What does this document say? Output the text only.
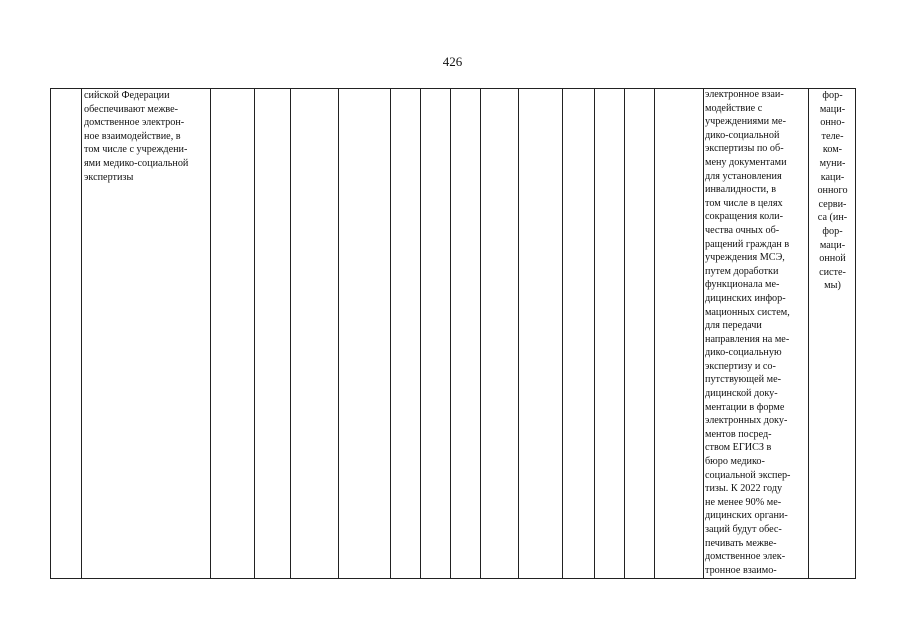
426
сийской Федерации
обеспечивают межве-
домственное электрон-
ное взаимодействие, в
том числе с учреждени-
ями медико-социальной
экспертизы
фор-
маци-
онно-
теле-
ком-
муни-
каци-
онного
серви-
са (ин-
фор-
маци-
онной
систе-
мы)
электронное взаи-
модействие с
учреждениями ме-
дико-социальной
экспертизы по об-
мену документами
для установления
инвалидности, в
том числе в целях
сокращения коли-
чества очных об-
ращений граждан в
учреждения МСЭ,
путем доработки
функционала ме-
дицинских инфор-
мационных систем,
для передачи
направления на ме-
дико-социальную
экспертизу и со-
путствующей ме-
дицинской доку-
ментации в форме
электронных доку-
ментов посред-
ством ЕГИСЗ в
бюро медико-
социальной экспер-
тизы. К 2022 году
не менее 90% ме-
дицинских органи-
заций будут обес-
печивать межве-
домственное элек-
тронное взаимо-
